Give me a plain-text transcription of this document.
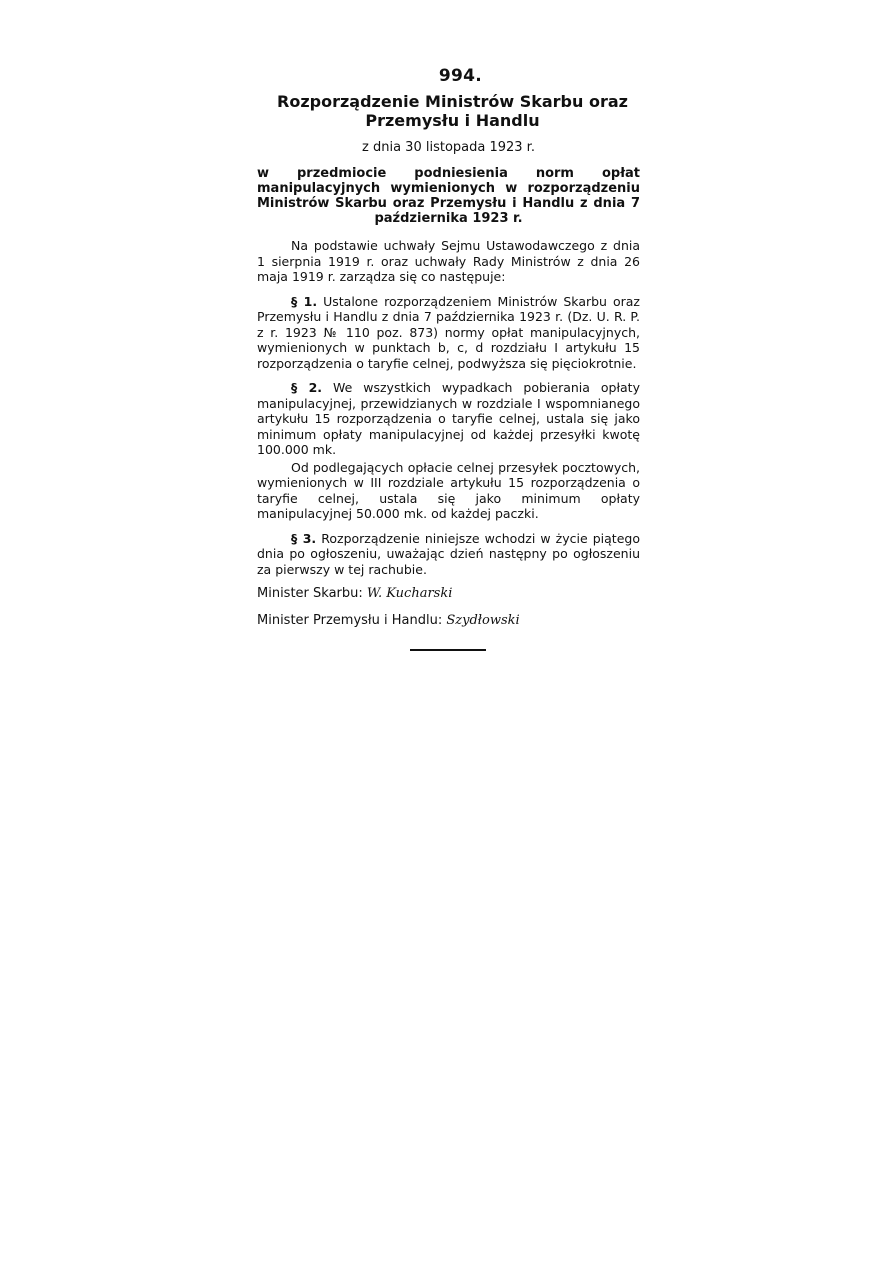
994.
Rozporządzenie Ministrów Skarbu oraz
Przemysłu i Handlu
z dnia 30 listopada 1923 r.
w przedmiocie podniesienia norm opłat manipulacyjnych wymienionych w rozporządzeniu Ministrów Skarbu oraz Przemysłu i Handlu z dnia 7 października 1923 r.

Na podstawie uchwały Sejmu Ustawodawczego z dnia 1 sierpnia 1919 r. oraz uchwały Rady Ministrów z dnia 26 maja 1919 r. zarządza się co następuje:

§ 1. Ustalone rozporządzeniem Ministrów Skarbu oraz Przemysłu i Handlu z dnia 7 października 1923 r. (Dz. U. R. P. z r. 1923 № 110 poz. 873) normy opłat manipulacyjnych, wymienionych w punktach b, c, d rozdziału I artykułu 15 rozporządzenia o taryfie celnej, podwyższa się pięciokrotnie.

§ 2. We wszystkich wypadkach pobierania opłaty manipulacyjnej, przewidzianych w rozdziale I wspomnianego artykułu 15 rozporządzenia o taryfie celnej, ustala się jako minimum opłaty manipulacyjnej od każdej przesyłki kwotę 100.000 mk.

Od podlegających opłacie celnej przesyłek pocztowych, wymienionych w III rozdziale artykułu 15 rozporządzenia o taryfie celnej, ustala się jako minimum opłaty manipulacyjnej 50.000 mk. od każdej paczki.

§ 3. Rozporządzenie niniejsze wchodzi w życie piątego dnia po ogłoszeniu, uważając dzień następny po ogłoszeniu za pierwszy w tej rachubie.

Minister Skarbu: W. Kucharski
Minister Przemysłu i Handlu: Szydłowski
